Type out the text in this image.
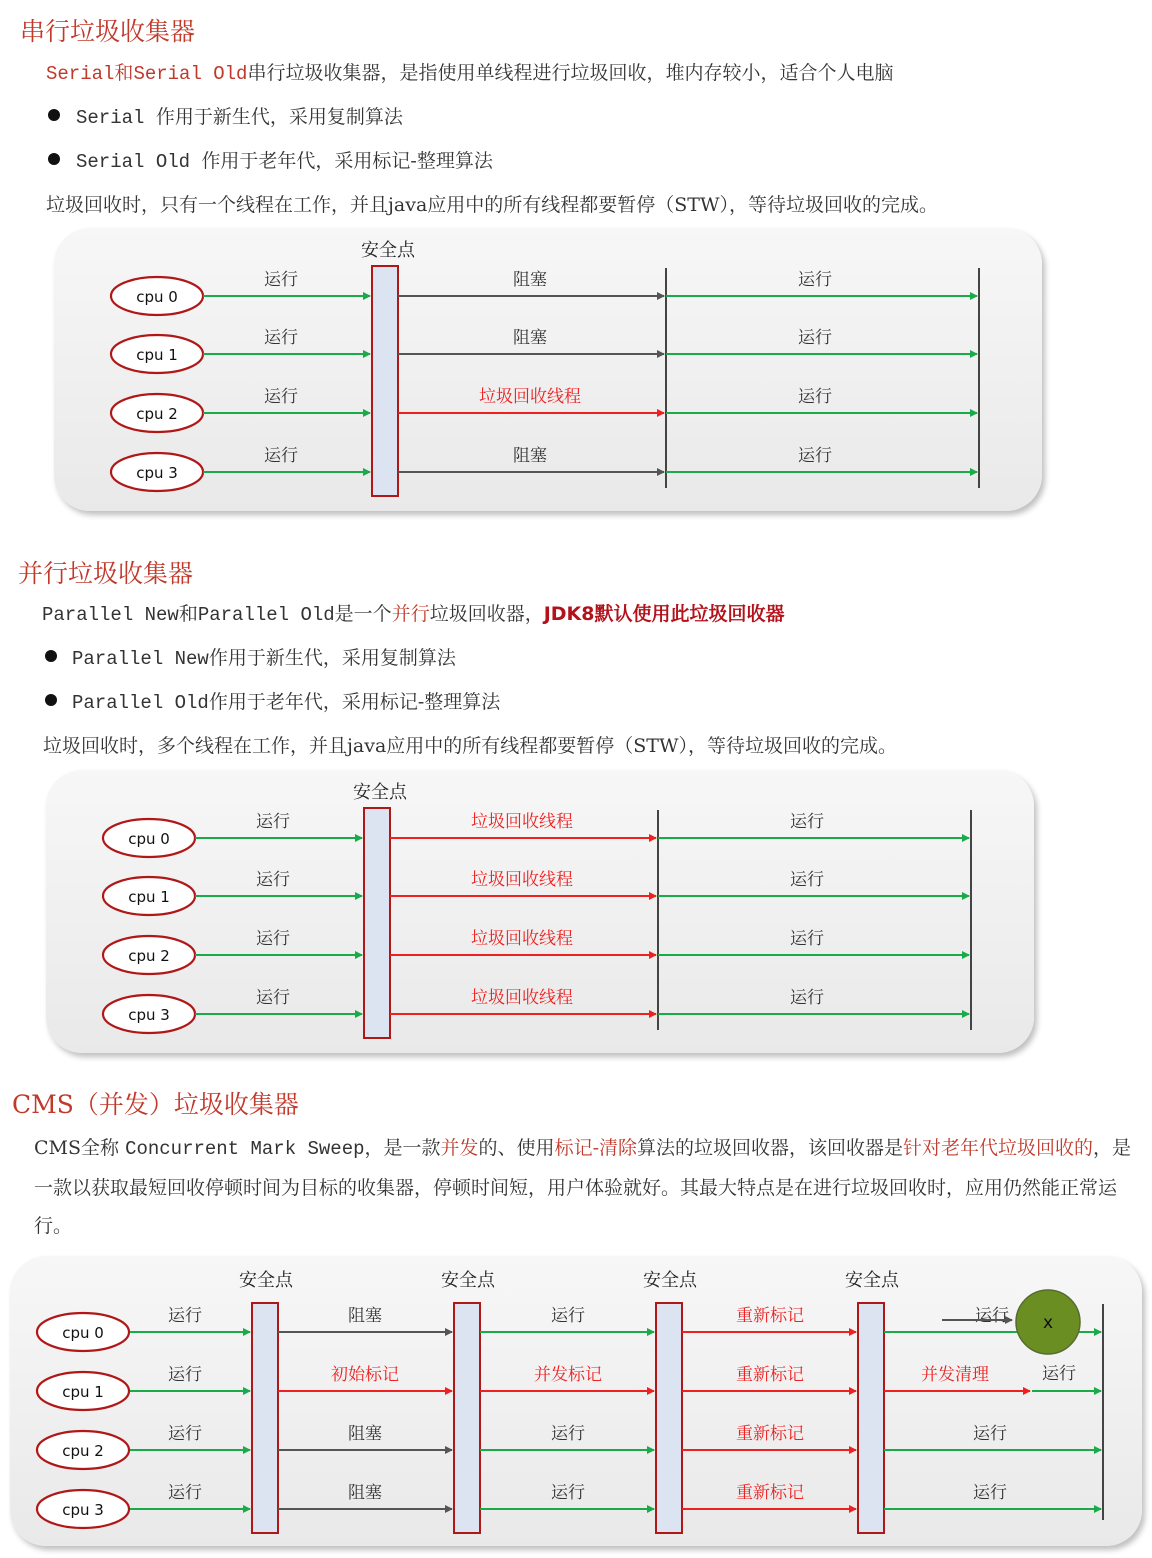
串行垃圾收集器
Serial和Serial Old串行垃圾收集器，是指使用单线程进行垃圾回收，堆内存较小，适合个人电脑
Serial 作用于新生代，采用复制算法
Serial Old 作用于老年代，采用标记-整理算法
垃圾回收时，只有一个线程在工作，并且java应用中的所有线程都要暂停（STW），等待垃圾回收的完成。
安全点
cpu 0
运行	阻塞	运行
cpu 1
运行	阻塞	运行
cpu 2
运行	垃圾回收线程	运行
cpu 3
运行	阻塞	运行
并行垃圾收集器
Parallel New和Parallel Old是一个并行垃圾回收器，JDK8默认使用此垃圾回收器
Parallel New作用于新生代，采用复制算法
Parallel Old作用于老年代，采用标记-整理算法
垃圾回收时，多个线程在工作，并且java应用中的所有线程都要暂停（STW），等待垃圾回收的完成。
安全点
cpu 0
运行	垃圾回收线程	运行
cpu 1
运行	垃圾回收线程	运行
cpu 2
运行	垃圾回收线程	运行
cpu 3
运行	垃圾回收线程	运行
CMS（并发）垃圾收集器
CMS全称 Concurrent Mark Sweep，是一款并发的、使用标记-清除算法的垃圾回收器，该回收器是针对老年代垃圾回收的，是一款以获取最短回收停顿时间为目标的收集器，停顿时间短，用户体验就好。其最大特点是在进行垃圾回收时，应用仍然能正常运行。
安全点	安全点	安全点	安全点
cpu 0
运行	阻塞	运行	重新标记	运行
cpu 1
运行	初始标记	并发标记	重新标记	并发清理	运行
cpu 2
运行	阻塞	运行	重新标记	运行
cpu 3
运行	阻塞	运行	重新标记	运行
x
